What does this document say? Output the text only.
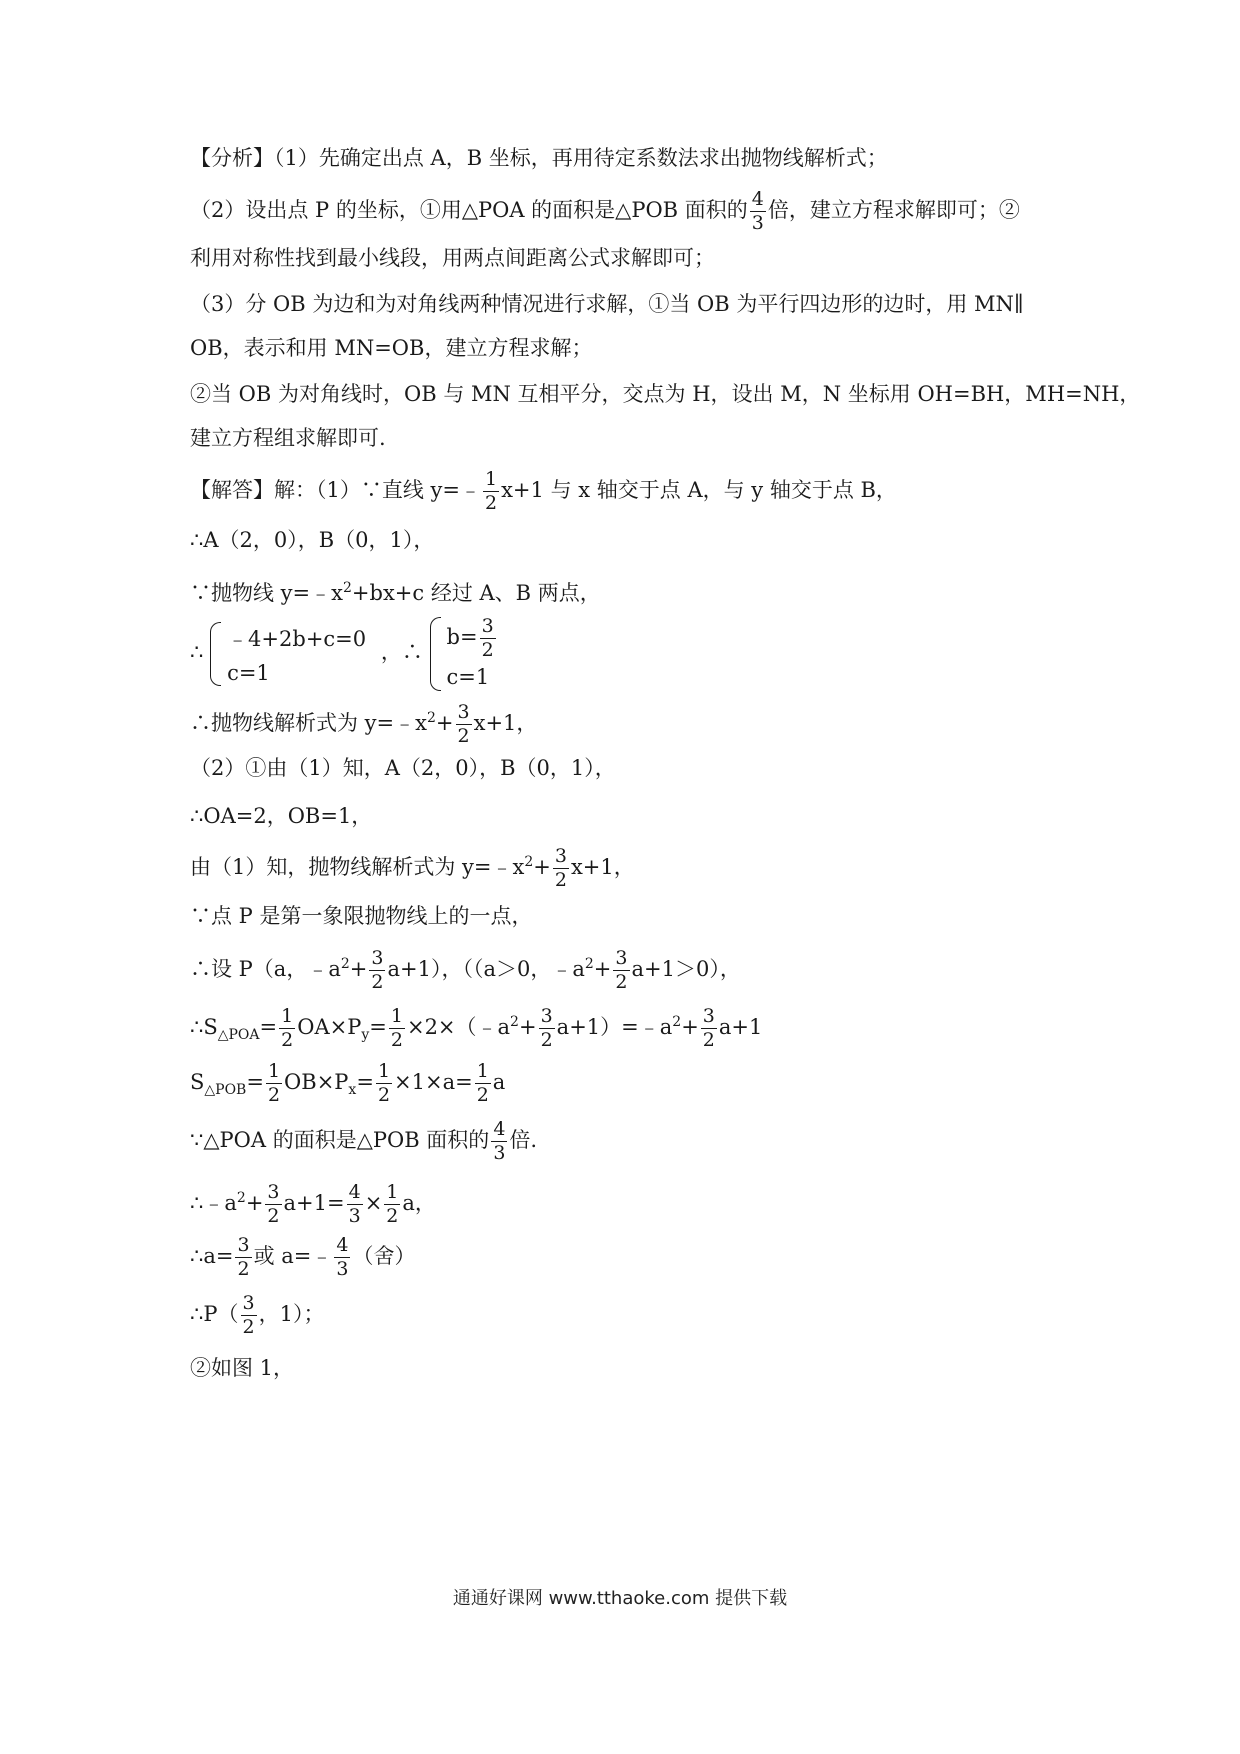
【分析】（1）先确定出点 A，B 坐标，再用待定系数法求出抛物线解析式；
（2）设出点 P 的坐标，①用△POA 的面积是△POB 面积的 $\frac{4}{3}$ 倍，建立方程求解即可；②
利用对称性找到最小线段，用两点间距离公式求解即可；
（3）分 OB 为边和为对角线两种情况进行求解，①当 OB 为平行四边形的边时，用 MN∥
OB，表示和用 MN=OB，建立方程求解；
②当 OB 为对角线时，OB 与 MN 互相平分，交点为 H，设出 M，N 坐标用 OH=BH，MH=NH，
建立方程组求解即可.
【解答】解：（1）∵直线 y=﹣ $\frac{1}{2} x+1$ 与 x 轴交于点 A，与 y 轴交于点 B，
∴A（2，0），B（0，1），
∵抛物线 $y=﹣x^2+bx+c$ 经过 A、B 两点，
∴
﹣4+2b+c=0
c=1
，∴
$b= \frac{3}{2}$
c=1
∴抛物线解析式为 $y=﹣x^2+ \frac{3}{2} x+1$，
（2）①由（1）知，A（2，0），B（0，1），
∴OA=2，OB=1，
由（1）知，抛物线解析式为 $y=﹣x^2+ \frac{3}{2} x+1$，
∵点 P 是第一象限抛物线上的一点，
∴设 P（a，$﹣a^2+ \frac{3}{2} a+1$），（（a＞0，$﹣a^2+ \frac{3}{2} a+1>0$），
$\therefore S_{\triangle POA}= \frac{1}{2} OA\times P_y= \frac{1}{2}$ $\times 2\times(﹣a^2+ \frac{3}{2}$ $a+1)=﹣a^2+ \frac{3}{2} a+1$
$S_{\triangle POB}= \frac{1}{2} OB\times P_x= \frac{1}{2} \times 1\times a= \frac{1}{2}$ a
∵△POA 的面积是△POB 面积的 $\frac{4}{3}$ 倍.
$\therefore﹣a^2+ \frac{3}{2} a+1= \frac{4}{3} \times \frac{1}{2}$ a，
∴a= $\frac{3}{2}$ 或 a=﹣ $\frac{4}{3}$ （舍）
∴P（ $\frac{3}{2}$ ，1）；
②如图 1，
通通好课网 www.tthaoke.com 提供下载
